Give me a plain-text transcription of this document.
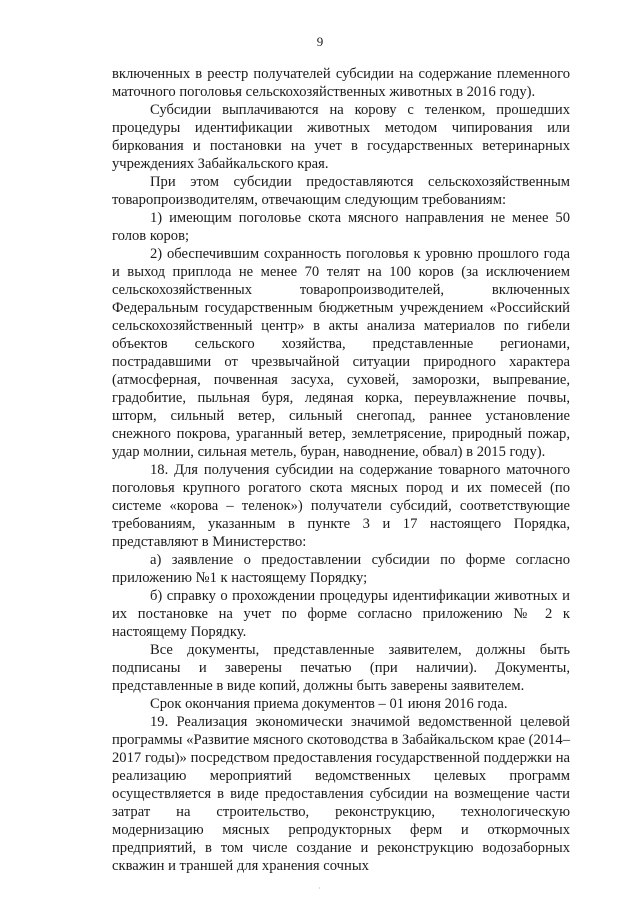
9

включенных в реестр получателей субсидии на содержание племенного маточного поголовья сельскохозяйственных животных в 2016 году).

Субсидии выплачиваются на корову с теленком, прошедших процедуры идентификации животных методом чипирования или биркования и постановки на учет в государственных ветеринарных учреждениях Забайкальского края.

При этом субсидии предоставляются сельскохозяйственным товаропроизводителям, отвечающим следующим требованиям:

1) имеющим поголовье скота мясного направления не менее 50 голов коров;

2) обеспечившим сохранность поголовья к уровню прошлого года и выход приплода не менее 70 телят на 100 коров (за исключением сельскохозяйственных товаропроизводителей, включенных Федеральным государственным бюджетным учреждением «Российский сельскохозяйственный центр» в акты анализа материалов по гибели объектов сельского хозяйства, представленные регионами, пострадавшими от чрезвычайной ситуации природного характера (атмосферная, почвенная засуха, суховей, заморозки, выпревание, градобитие, пыльная буря, ледяная корка, переувлажнение почвы, шторм, сильный ветер, сильный снегопад, раннее установление снежного покрова, ураганный ветер, землетрясение, природный пожар, удар молнии, сильная метель, буран, наводнение, обвал) в 2015 году).

18. Для получения субсидии на содержание товарного маточного поголовья крупного рогатого скота мясных пород и их помесей (по системе «корова – теленок») получатели субсидий, соответствующие требованиям, указанным в пункте 3 и 17 настоящего Порядка, представляют в Министерство:

а) заявление о предоставлении субсидии по форме согласно приложению №1 к настоящему Порядку;

б) справку о прохождении процедуры идентификации животных и их постановке на учет по форме согласно приложению № 2 к настоящему Порядку.

Все документы, представленные заявителем, должны быть подписаны и заверены печатью (при наличии). Документы, представленные в виде копий, должны быть заверены заявителем.

Срок окончания приема документов – 01 июня 2016 года.

19. Реализация экономически значимой ведомственной целевой программы «Развитие мясного скотоводства в Забайкальском крае (2014–2017 годы)» посредством предоставления государственной поддержки на реализацию мероприятий ведомственных целевых программ осуществляется в виде предоставления субсидии на возмещение части затрат на строительство, реконструкцию, технологическую модернизацию мясных репродукторных ферм и откормочных предприятий, в том числе создание и реконструкцию водозаборных скважин и траншей для хранения сочных

·
